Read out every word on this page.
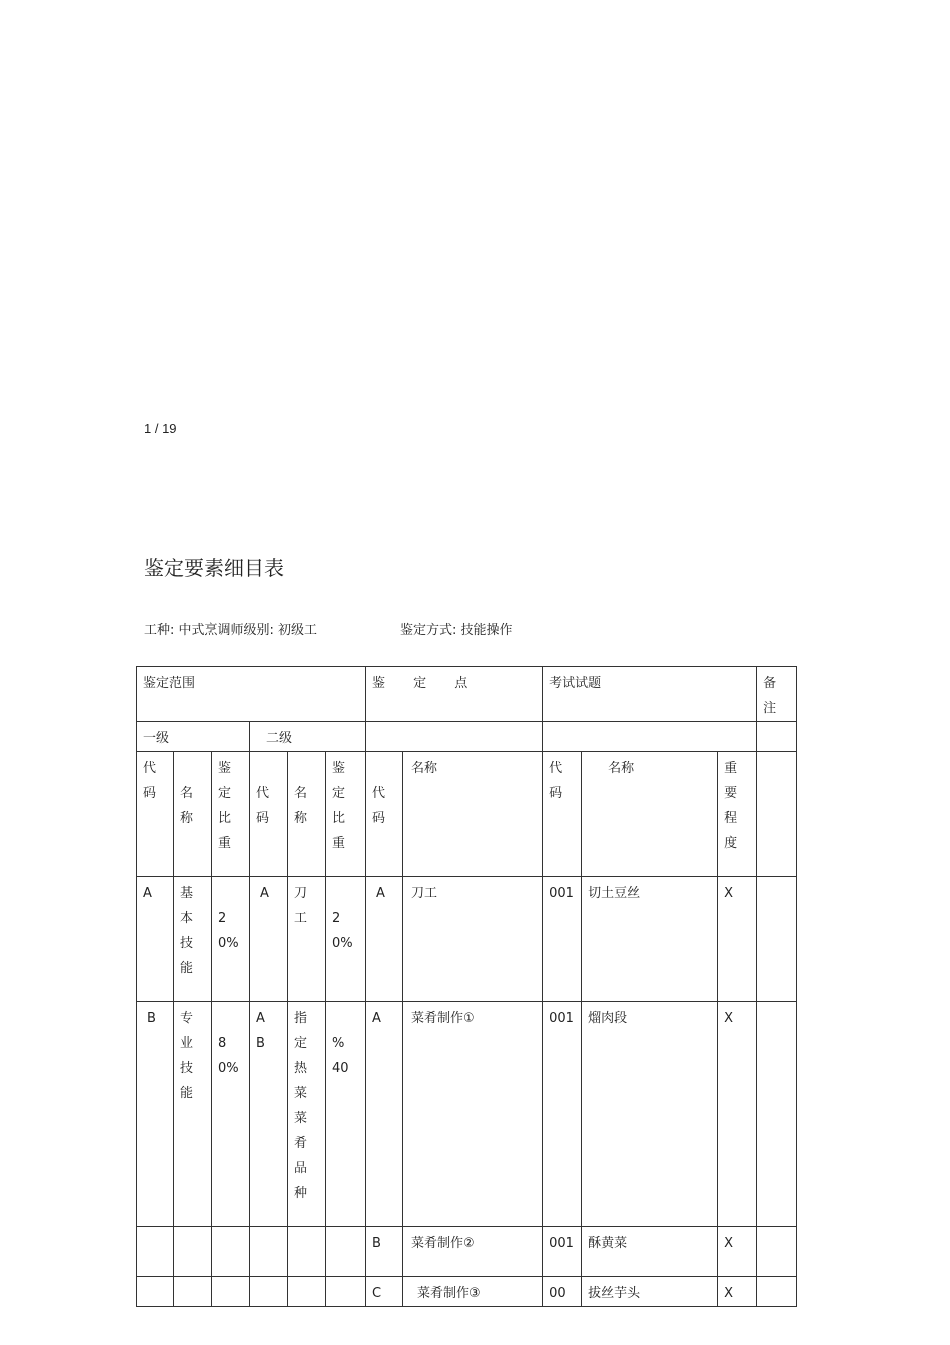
1 / 19
鉴定要素细目表
工种: 中式烹调师级别: 初级工	鉴定方式: 技能操作
鉴定范围						鉴 定 点		考试试题			备注

一级			二级								

代码	名称	鉴定比重	代码	名称	鉴定比重	代码	名称	代码	名称	重要程度	

A	基本技能	20%	A	刀工	20%	A	刀工	001	切土豆丝	X	
B	专业技能	80%	AB	指定热菜菜肴品种	%40	A	菜肴制作①	001	熘肉段	X	
						B	菜肴制作②	001	酥黄菜	X	
						C	菜肴制作③	00	拔丝芋头	X	
